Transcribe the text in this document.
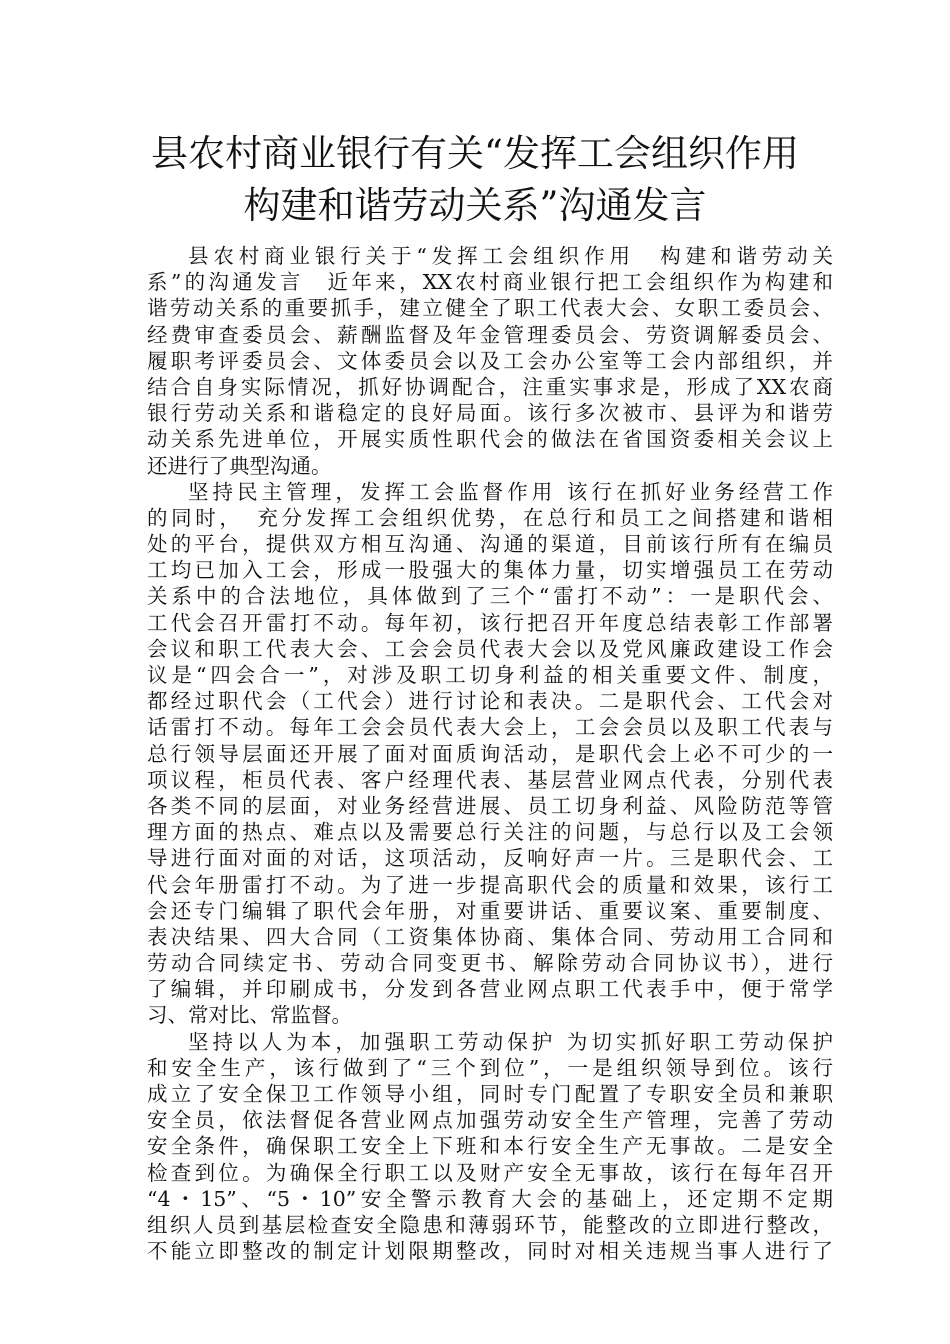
县农村商业银行有关“发挥工会组织作用
构建和谐劳动关系”沟通发言
县农村商业银行关于“发挥工会组织作用　构建和谐劳动关
系”的沟通发言　近年来，XX农村商业银行把工会组织作为构建和
谐劳动关系的重要抓手，建立健全了职工代表大会、女职工委员会、
经费审查委员会、薪酬监督及年金管理委员会、劳资调解委员会、
履职考评委员会、文体委员会以及工会办公室等工会内部组织，并
结合自身实际情况，抓好协调配合，注重实事求是，形成了XX农商
银行劳动关系和谐稳定的良好局面。该行多次被市、县评为和谐劳
动关系先进单位，开展实质性职代会的做法在省国资委相关会议上
还进行了典型沟通。
坚持民主管理，发挥工会监督作用 该行在抓好业务经营工作
的同时，　充分发挥工会组织优势，在总行和员工之间搭建和谐相
处的平台，提供双方相互沟通、沟通的渠道，目前该行所有在编员
工均已加入工会，形成一股强大的集体力量，切实增强员工在劳动
关系中的合法地位，具体做到了三个“雷打不动”：一是职代会、
工代会召开雷打不动。每年初，该行把召开年度总结表彰工作部署
会议和职工代表大会、工会会员代表大会以及党风廉政建设工作会
议是“四会合一”，对涉及职工切身利益的相关重要文件、制度，
都经过职代会（工代会）进行讨论和表决。二是职代会、工代会对
话雷打不动。每年工会会员代表大会上，工会会员以及职工代表与
总行领导层面还开展了面对面质询活动，是职代会上必不可少的一
项议程，柜员代表、客户经理代表、基层营业网点代表，分别代表
各类不同的层面，对业务经营进展、员工切身利益、风险防范等管
理方面的热点、难点以及需要总行关注的问题，与总行以及工会领
导进行面对面的对话，这项活动，反响好声一片。三是职代会、工
代会年册雷打不动。为了进一步提高职代会的质量和效果，该行工
会还专门编辑了职代会年册，对重要讲话、重要议案、重要制度、
表决结果、四大合同（工资集体协商、集体合同、劳动用工合同和
劳动合同续定书、劳动合同变更书、解除劳动合同协议书），进行
了编辑，并印刷成书，分发到各营业网点职工代表手中，便于常学
习、常对比、常监督。
坚持以人为本，加强职工劳动保护 为切实抓好职工劳动保护
和安全生产，该行做到了“三个到位”，一是组织领导到位。该行
成立了安全保卫工作领导小组，同时专门配置了专职安全员和兼职
安全员，依法督促各营业网点加强劳动安全生产管理，完善了劳动
安全条件，确保职工安全上下班和本行安全生产无事故。二是安全
检查到位。为确保全行职工以及财产安全无事故，该行在每年召开
“4・15”、“5・10”安全警示教育大会的基础上，还定期不定期
组织人员到基层检查安全隐患和薄弱环节，能整改的立即进行整改，
不能立即整改的制定计划限期整改，同时对相关违规当事人进行了
